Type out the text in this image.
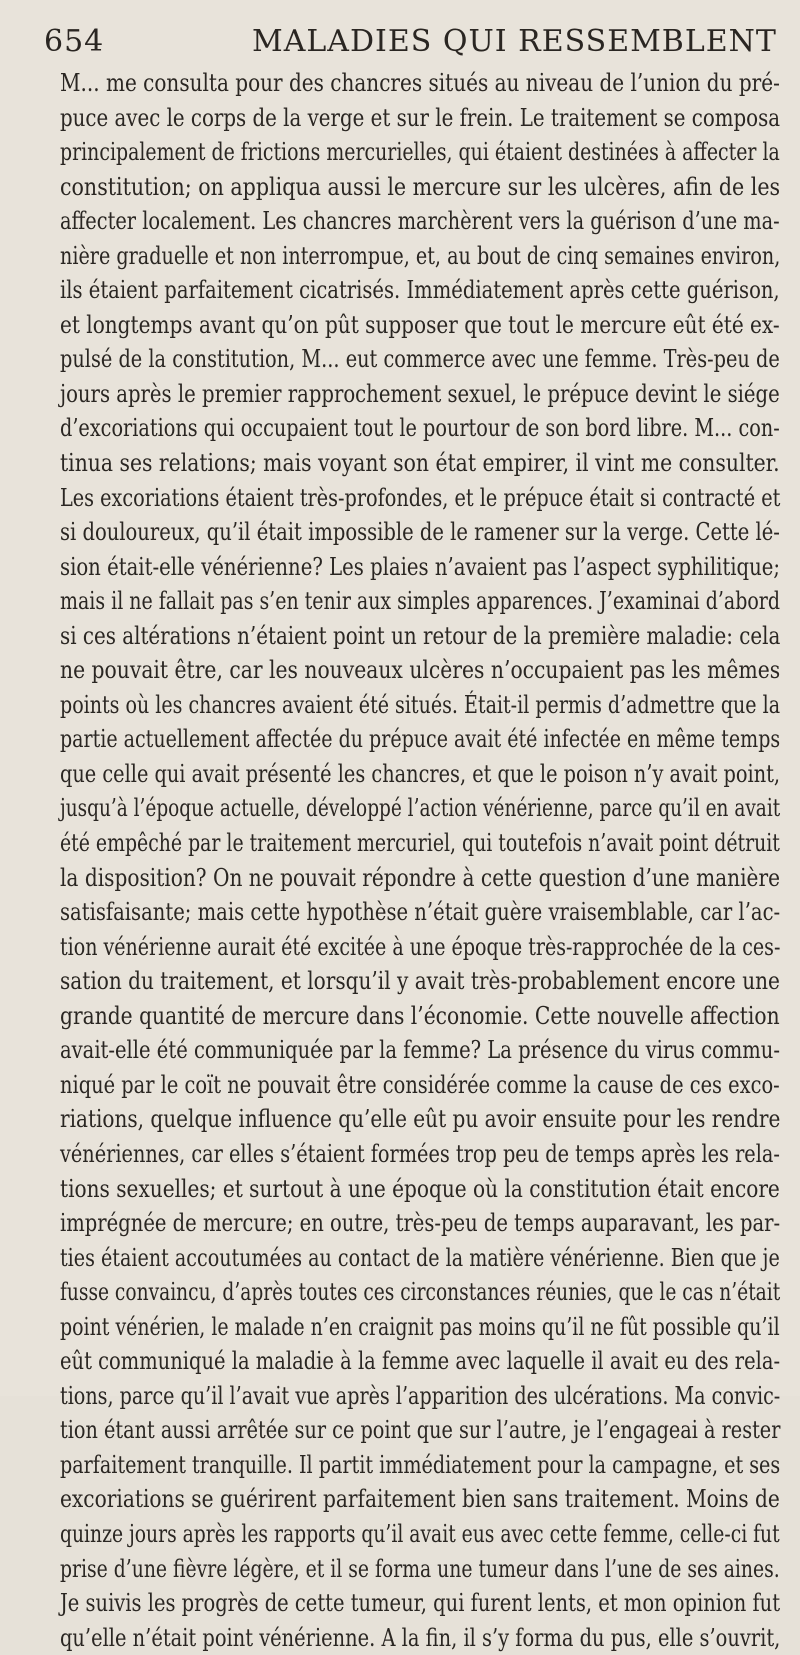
654	MALADIES QUI RESSEMBLENT
M... me consulta pour des chancres situés au niveau de l’union du pré-
puce avec le corps de la verge et sur le frein. Le traitement se composa
principalement de frictions mercurielles, qui étaient destinées à affecter la
constitution; on appliqua aussi le mercure sur les ulcères, afin de les
affecter localement. Les chancres marchèrent vers la guérison d’une ma-
nière graduelle et non interrompue, et, au bout de cinq semaines environ,
ils étaient parfaitement cicatrisés. Immédiatement après cette guérison,
et longtemps avant qu’on pût supposer que tout le mercure eût été ex-
pulsé de la constitution, M... eut commerce avec une femme. Très-peu de
jours après le premier rapprochement sexuel, le prépuce devint le siége
d’excoriations qui occupaient tout le pourtour de son bord libre. M... con-
tinua ses relations; mais voyant son état empirer, il vint me consulter.
Les excoriations étaient très-profondes, et le prépuce était si contracté et
si douloureux, qu’il était impossible de le ramener sur la verge. Cette lé-
sion était-elle vénérienne? Les plaies n’avaient pas l’aspect syphilitique;
mais il ne fallait pas s’en tenir aux simples apparences. J’examinai d’abord
si ces altérations n’étaient point un retour de la première maladie: cela
ne pouvait être, car les nouveaux ulcères n’occupaient pas les mêmes
points où les chancres avaient été situés. Était-il permis d’admettre que la
partie actuellement affectée du prépuce avait été infectée en même temps
que celle qui avait présenté les chancres, et que le poison n’y avait point,
jusqu’à l’époque actuelle, développé l’action vénérienne, parce qu’il en avait
été empêché par le traitement mercuriel, qui toutefois n’avait point détruit
la disposition? On ne pouvait répondre à cette question d’une manière
satisfaisante; mais cette hypothèse n’était guère vraisemblable, car l’ac-
tion vénérienne aurait été excitée à une époque très-rapprochée de la ces-
sation du traitement, et lorsqu’il y avait très-probablement encore une
grande quantité de mercure dans l’économie. Cette nouvelle affection
avait-elle été communiquée par la femme? La présence du virus commu-
niqué par le coït ne pouvait être considérée comme la cause de ces exco-
riations, quelque influence qu’elle eût pu avoir ensuite pour les rendre
vénériennes, car elles s’étaient formées trop peu de temps après les rela-
tions sexuelles; et surtout à une époque où la constitution était encore
imprégnée de mercure; en outre, très-peu de temps auparavant, les par-
ties étaient accoutumées au contact de la matière vénérienne. Bien que je
fusse convaincu, d’après toutes ces circonstances réunies, que le cas n’était
point vénérien, le malade n’en craignit pas moins qu’il ne fût possible qu’il
eût communiqué la maladie à la femme avec laquelle il avait eu des rela-
tions, parce qu’il l’avait vue après l’apparition des ulcérations. Ma convic-
tion étant aussi arrêtée sur ce point que sur l’autre, je l’engageai à rester
parfaitement tranquille. Il partit immédiatement pour la campagne, et ses
excoriations se guérirent parfaitement bien sans traitement. Moins de
quinze jours après les rapports qu’il avait eus avec cette femme, celle-ci fut
prise d’une fièvre légère, et il se forma une tumeur dans l’une de ses aines.
Je suivis les progrès de cette tumeur, qui furent lents, et mon opinion fut
qu’elle n’était point vénérienne. A la fin, il s’y forma du pus, elle s’ouvrit,
